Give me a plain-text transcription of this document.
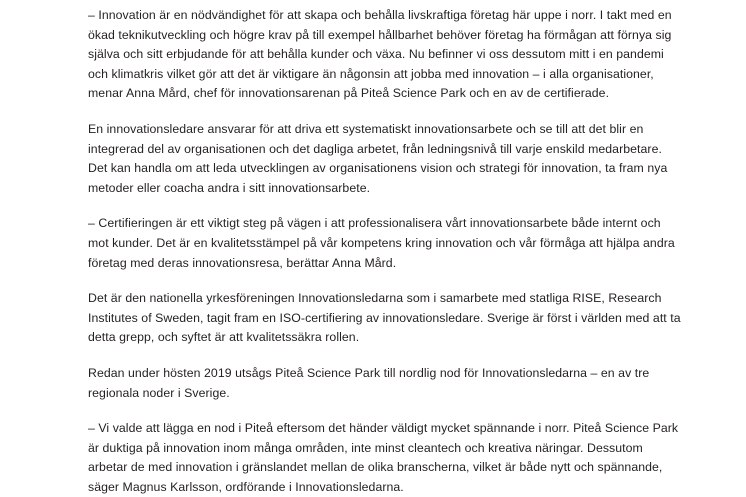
– Innovation är en nödvändighet för att skapa och behålla livskraftiga företag här uppe i norr. I takt med en ökad teknikutveckling och högre krav på till exempel hållbarhet behöver företag ha förmågan att förnya sig själva och sitt erbjudande för att behålla kunder och växa. Nu befinner vi oss dessutom mitt i en pandemi och klimatkris vilket gör att det är viktigare än någonsin att jobba med innovation – i alla organisationer, menar Anna Mård, chef för innovationsarenan på Piteå Science Park och en av de certifierade.

En innovationsledare ansvarar för att driva ett systematiskt innovationsarbete och se till att det blir en integrerad del av organisationen och det dagliga arbetet, från ledningsnivå till varje enskild medarbetare. Det kan handla om att leda utvecklingen av organisationens vision och strategi för innovation, ta fram nya metoder eller coacha andra i sitt innovationsarbete.

– Certifieringen är ett viktigt steg på vägen i att professionalisera vårt innovationsarbete både internt och mot kunder. Det är en kvalitetsstämpel på vår kompetens kring innovation och vår förmåga att hjälpa andra företag med deras innovationsresa, berättar Anna Mård.

Det är den nationella yrkesföreningen Innovationsledarna som i samarbete med statliga RISE, Research Institutes of Sweden, tagit fram en ISO-certifiering av innovationsledare. Sverige är först i världen med att ta detta grepp, och syftet är att kvalitetssäkra rollen.

Redan under hösten 2019 utsågs Piteå Science Park till nordlig nod för Innovationsledarna – en av tre regionala noder i Sverige.

– Vi valde att lägga en nod i Piteå eftersom det händer väldigt mycket spännande i norr. Piteå Science Park är duktiga på innovation inom många områden, inte minst cleantech och kreativa näringar. Dessutom arbetar de med innovation i gränslandet mellan de olika branscherna, vilket är både nytt och spännande, säger Magnus Karlsson, ordförande i Innovationsledarna.
